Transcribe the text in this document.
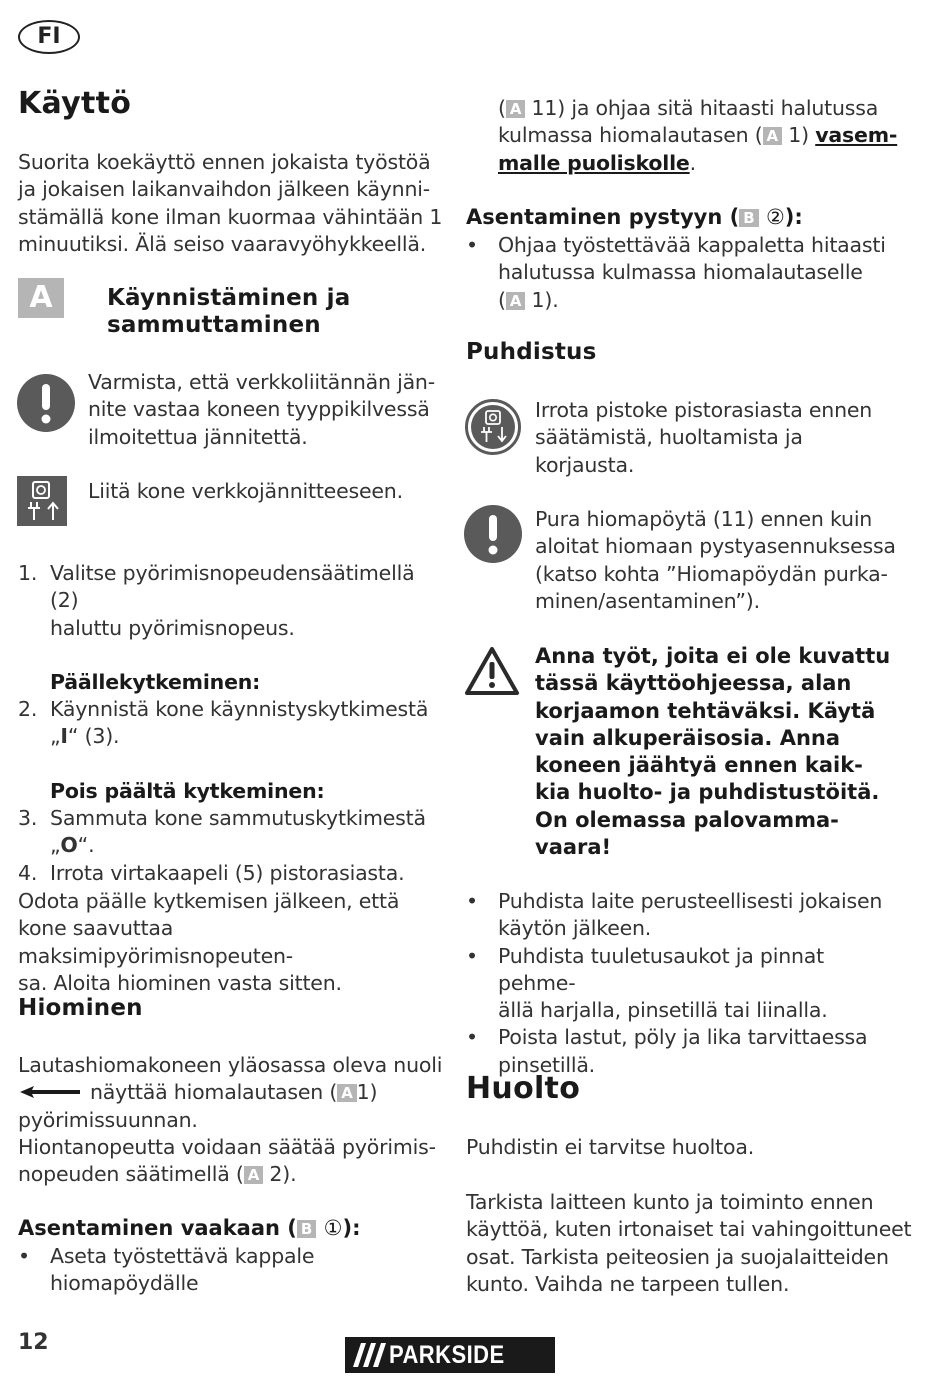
FI
Käyttö
Suorita koekäyttö ennen jokaista työstöä
ja jokaisen laikanvaihdon jälkeen käynni-
stämällä kone ilman kuormaa vähintään 1
minuutiksi. Älä seiso vaaravyöhykkeellä.
A	Käynnistäminen ja
sammuttaminen
Varmista, että verkkoliitännän jän-
nite vastaa koneen tyyppikilvessä
ilmoitettua jännitettä.
Liitä kone verkkojännitteeseen.
1. Valitse pyörimisnopeudensäätimellä (2)
haluttu pyörimisnopeus.
Päällekytkeminen:
2. Käynnistä kone käynnistyskytkimestä
„I“ (3).
Pois päältä kytkeminen:
3. Sammuta kone sammutuskytkimestä
„O“.
4. Irrota virtakaapeli (5) pistorasiasta.
Odota päälle kytkemisen jälkeen, että
kone saavuttaa maksimipyörimisnopeuten-
sa. Aloita hiominen vasta sitten.
Hiominen
Lautashiomakoneen yläosassa oleva nuoli
näyttää hiomalautasen ( A 1)
pyörimissuunnan.
Hiontanopeutta voidaan säätää pyörimis-
nopeuden säätimellä ( A 2).
Asentaminen vaakaan ( B ①):
• Aseta työstettävä kappale hiomapöydälle
( A 11) ja ohjaa sitä hitaasti halutussa
kulmassa hiomalautasen ( A 1) vasem-
malle puoliskolle.
Asentaminen pystyyn ( B ②):
• Ohjaa työstettävää kappaletta hitaasti
halutussa kulmassa hiomalautaselle
( A 1).
Puhdistus
Irrota pistoke pistorasiasta ennen
säätämistä, huoltamista ja
korjausta.
Pura hiomapöytä (11) ennen kuin
aloitat hiomaan pystyasennuksessa
(katso kohta ”Hiomapöydän purka-
minen/asentaminen”).
Anna työt, joita ei ole kuvattu
tässä käyttöohjeessa, alan
korjaamon tehtäväksi. Käytä
vain alkuperäisosia. Anna
koneen jäähtyä ennen kaik-
kia huolto- ja puhdistustöitä.
On olemassa palovamma-
vaara!
• Puhdista laite perusteellisesti jokaisen
käytön jälkeen.
• Puhdista tuuletusaukot ja pinnat pehme-
ällä harjalla, pinsetillä tai liinalla.
• Poista lastut, pöly ja lika tarvittaessa
pinsetillä.
Huolto
Puhdistin ei tarvitse huoltoa.
Tarkista laitteen kunto ja toiminto ennen
käyttöä, kuten irtonaiset tai vahingoittuneet
osat. Tarkista peiteosien ja suojalaitteiden
kunto. Vaihda ne tarpeen tullen.
12	PARKSIDE
